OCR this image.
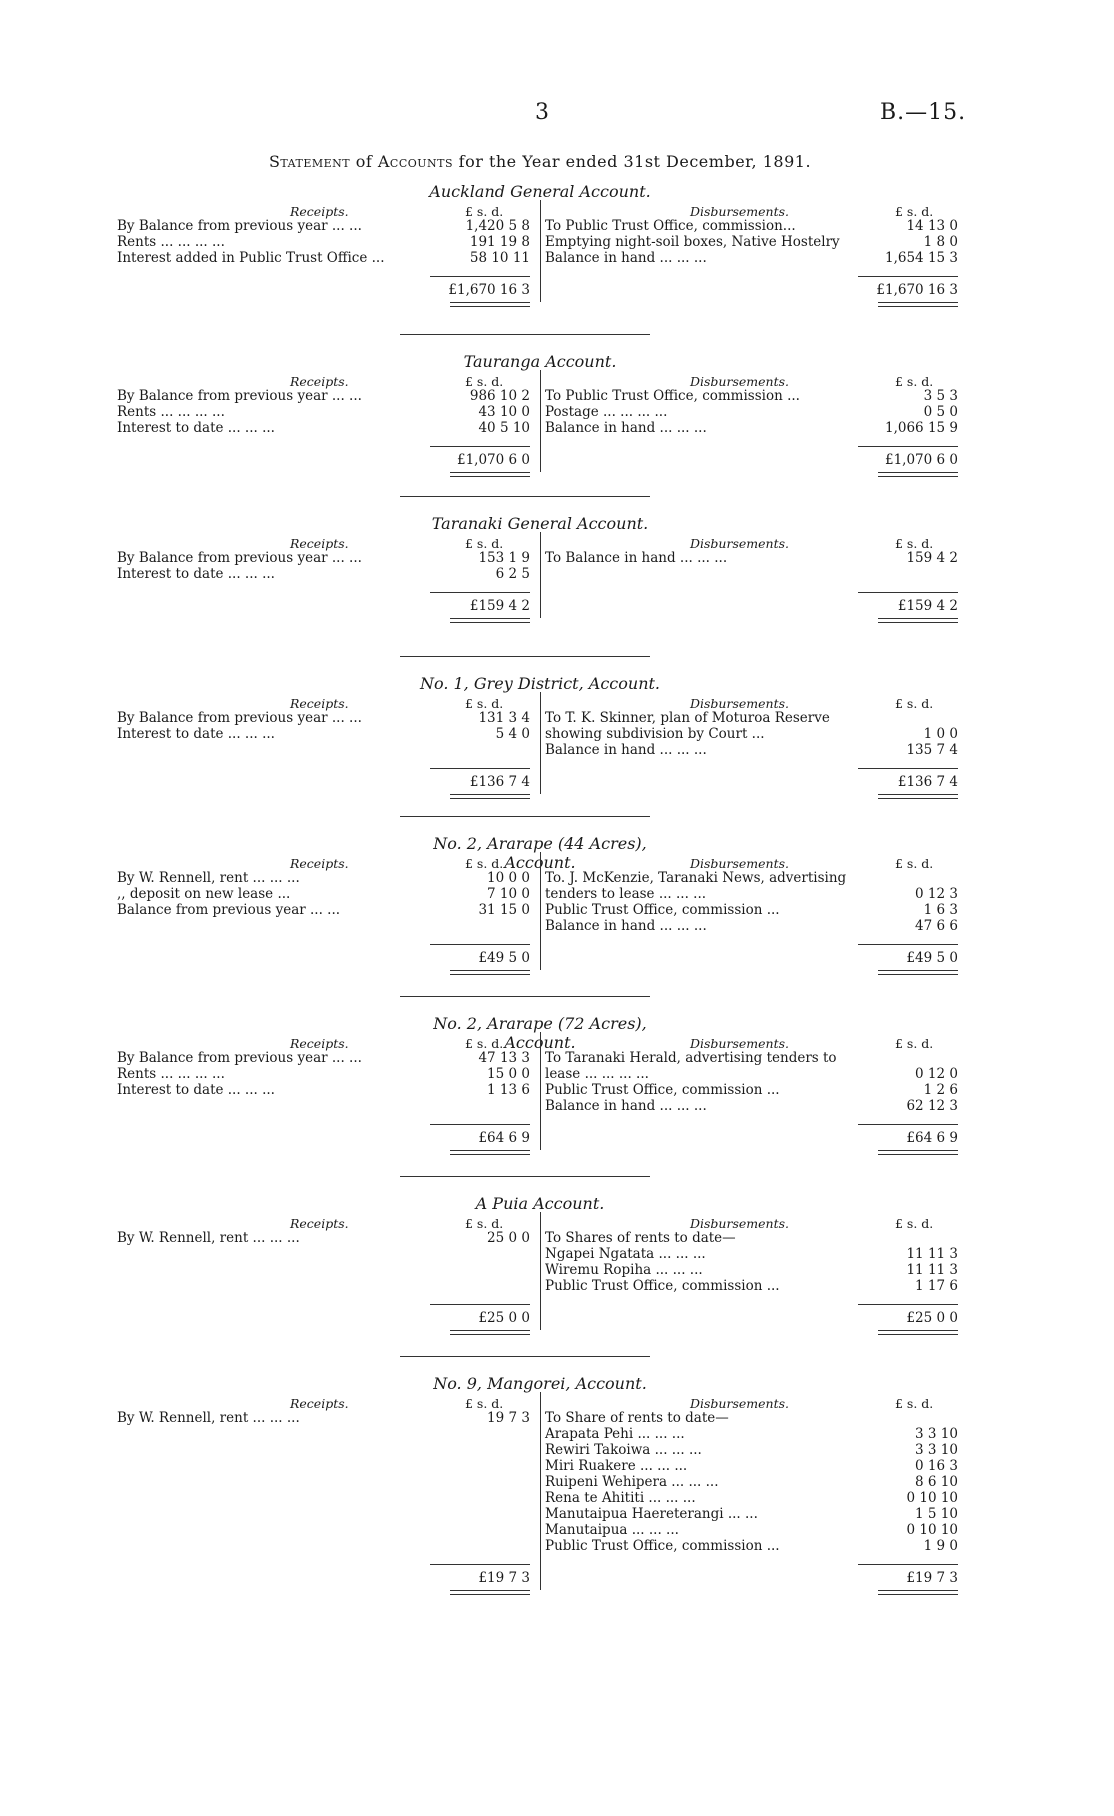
3	B.—15.
Statement of Accounts for the Year ended 31st December, 1891.
Auckland General Account.
Receipts.	Disbursements.
£ s. d.	£ s. d.
By Balance from previous year ... ...	1,420 5 8
Rents ... ... ... ...	191 19 8
Interest added in Public Trust Office ...	58 10 11
To Public Trust Office, commission...	14 13 0
Emptying night-soil boxes, Native Hostelry	1 8 0
Balance in hand ... ... ...	1,654 15 3
£1,670 16 3	£1,670 16 3
Tauranga Account.
Receipts.	Disbursements.
£ s. d.	£ s. d.
By Balance from previous year ... ...	986 10 2
Rents ... ... ... ...	43 10 0
Interest to date ... ... ...	40 5 10
To Public Trust Office, commission ...	3 5 3
Postage ... ... ... ...	0 5 0
Balance in hand ... ... ...	1,066 15 9
£1,070 6 0	£1,070 6 0
Taranaki General Account.
Receipts.	Disbursements.
£ s. d.	£ s. d.
By Balance from previous year ... ...	153 1 9
Interest to date ... ... ...	6 2 5
To Balance in hand ... ... ...	159 4 2
£159 4 2	£159 4 2
No. 1, Grey District, Account.
Receipts.	Disbursements.
£ s. d.	£ s. d.
By Balance from previous year ... ...	131 3 4
Interest to date ... ... ...	5 4 0
To T. K. Skinner, plan of Moturoa Reserve
showing subdivision by Court ...	1 0 0
Balance in hand ... ... ...	135 7 4
£136 7 4	£136 7 4
No. 2, Ararape (44 Acres), Account.
Receipts.	Disbursements.
£ s. d.	£ s. d.
By W. Rennell, rent ... ... ...	10 0 0
,, deposit on new lease ...	7 10 0
Balance from previous year ... ...	31 15 0
To. J. McKenzie, Taranaki News, advertising
tenders to lease ... ... ...	0 12 3
Public Trust Office, commission ...	1 6 3
Balance in hand ... ... ...	47 6 6
£49 5 0	£49 5 0
No. 2, Ararape (72 Acres), Account.
Receipts.	Disbursements.
£ s. d.	£ s. d.
By Balance from previous year ... ...	47 13 3
Rents ... ... ... ...	15 0 0
Interest to date ... ... ...	1 13 6
To Taranaki Herald, advertising tenders to
lease ... ... ... ...	0 12 0
Public Trust Office, commission ...	1 2 6
Balance in hand ... ... ...	62 12 3
£64 6 9	£64 6 9
A Puia Account.
Receipts.	Disbursements.
£ s. d.	£ s. d.
By W. Rennell, rent ... ... ...	25 0 0 To Shares of rents to date—
Ngapei Ngatata ... ... ...	11 11 3
Wiremu Ropiha ... ... ...	11 11 3
Public Trust Office, commission ...	1 17 6
£25 0 0	£25 0 0
No. 9, Mangorei, Account.
Receipts.	Disbursements.
£ s. d.	£ s. d.
By W. Rennell, rent ... ... ...	19 7 3 To Share of rents to date—
Arapata Pehi ... ... ...	3 3 10
Rewiri Takoiwa ... ... ...	3 3 10
Miri Ruakere ... ... ...	0 16 3
Ruipeni Wehipera ... ... ...	8 6 10
Rena te Ahititi ... ... ...	0 10 10
Manutaipua Haereterangi ... ...	1 5 10
Manutaipua ... ... ...	0 10 10
Public Trust Office, commission ...	1 9 0
£19 7 3	£19 7 3
